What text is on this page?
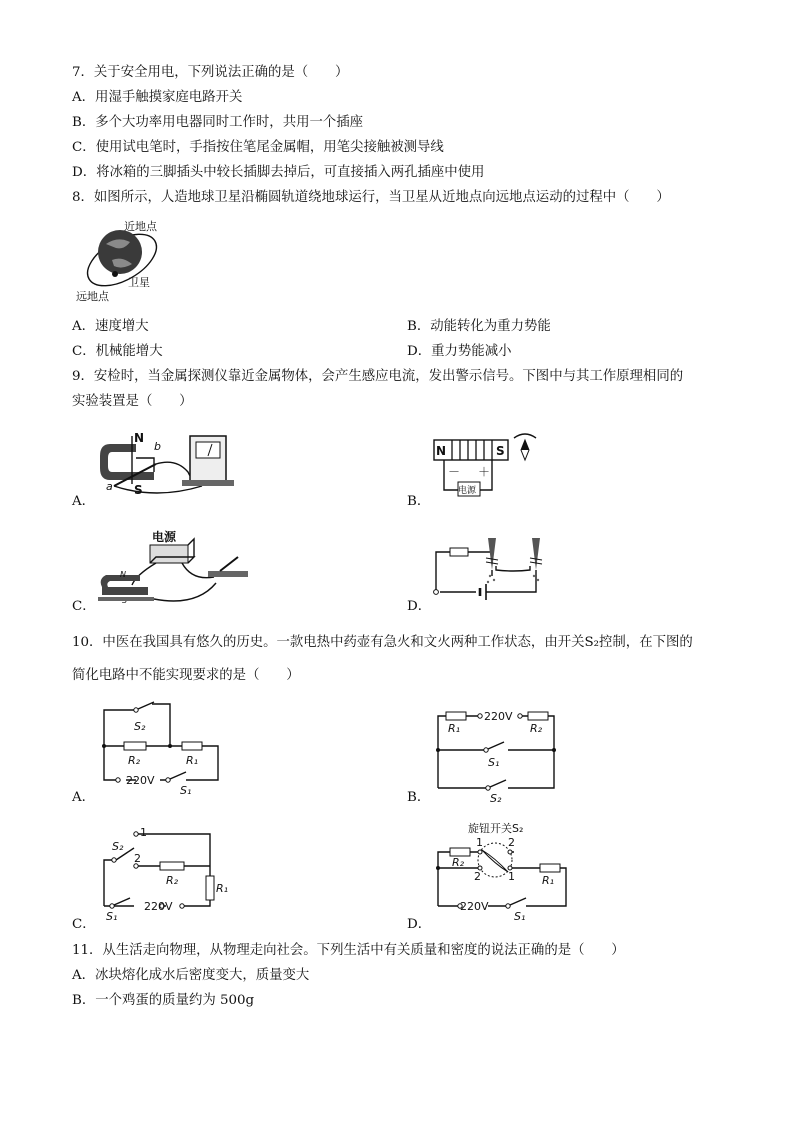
7．关于安全用电，下列说法正确的是（　　）
A．用湿手触摸家庭电路开关
B．多个大功率用电器同时工作时，共用一个插座
C．使用试电笔时，手指按住笔尾金属帽，用笔尖接触被测导线
D．将冰箱的三脚插头中较长插脚去掉后，可直接插入两孔插座中使用
8．如图所示，人造地球卫星沿椭圆轨道绕地球运行，当卫星从近地点向远地点运动的过程中（　　）
近地点
卫星
远地点
A．速度增大	B．动能转化为重力势能
C．机械能增大	D．重力势能减小
9．安检时，当金属探测仪靠近金属物体，会产生感应电流，发出警示信号。下图中与其工作原理相同的
实验装置是（　　）
A．
N
S
a
b
B．
N	S
电源
－ ＋
C．
电源
N
D．
10．中医在我国具有悠久的历史。一款电热中药壶有急火和文火两种工作状态，由开关S₂控制，在下图的
简化电路中不能实现要求的是（　　）
A．
S₂
R₂	R₁
220V
S₁	B．
220V
R₁	R₂
S₁
S₂
C．
1
2
S₂
R₂
R₁
S₁
220V
D．
旋钮开关S₂
R₂
1 2
2 1 R₁
220V
S₁
11．从生活走向物理，从物理走向社会。下列生活中有关质量和密度的说法正确的是（　　）
A．冰块熔化成水后密度变大，质量变大
B．一个鸡蛋的质量约为 500g
